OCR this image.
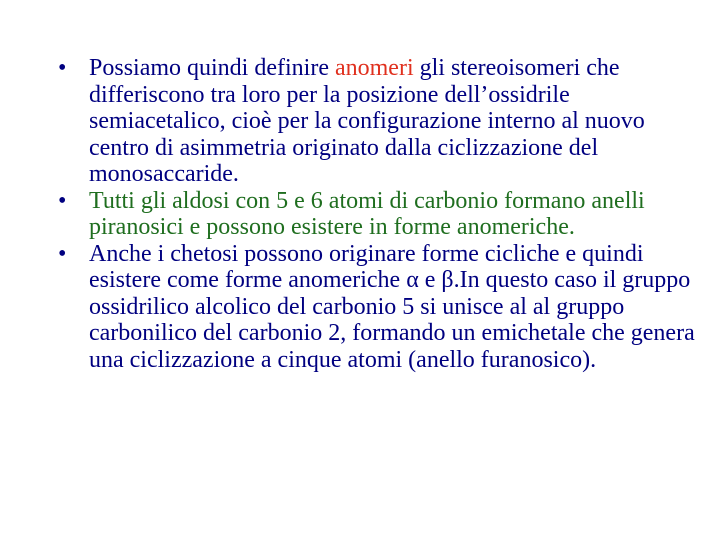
• Possiamo quindi definire anomeri gli stereoisomeri che differiscono tra loro per la posizione dell’ossidrile semiacetalico, cioè per la configurazione interno al nuovo centro di asimmetria originato dalla ciclizzazione del monosaccaride.
• Tutti gli aldosi con 5 e 6 atomi di carbonio formano anelli piranosici e possono esistere in forme anomeriche.
• Anche i chetosi possono originare forme cicliche e quindi esistere come forme anomeriche α e β.In questo caso il gruppo ossidrilico alcolico del carbonio 5 si unisce al al gruppo carbonilico del carbonio 2, formando un emichetale che genera una ciclizzazione a cinque atomi (anello furanosico).
